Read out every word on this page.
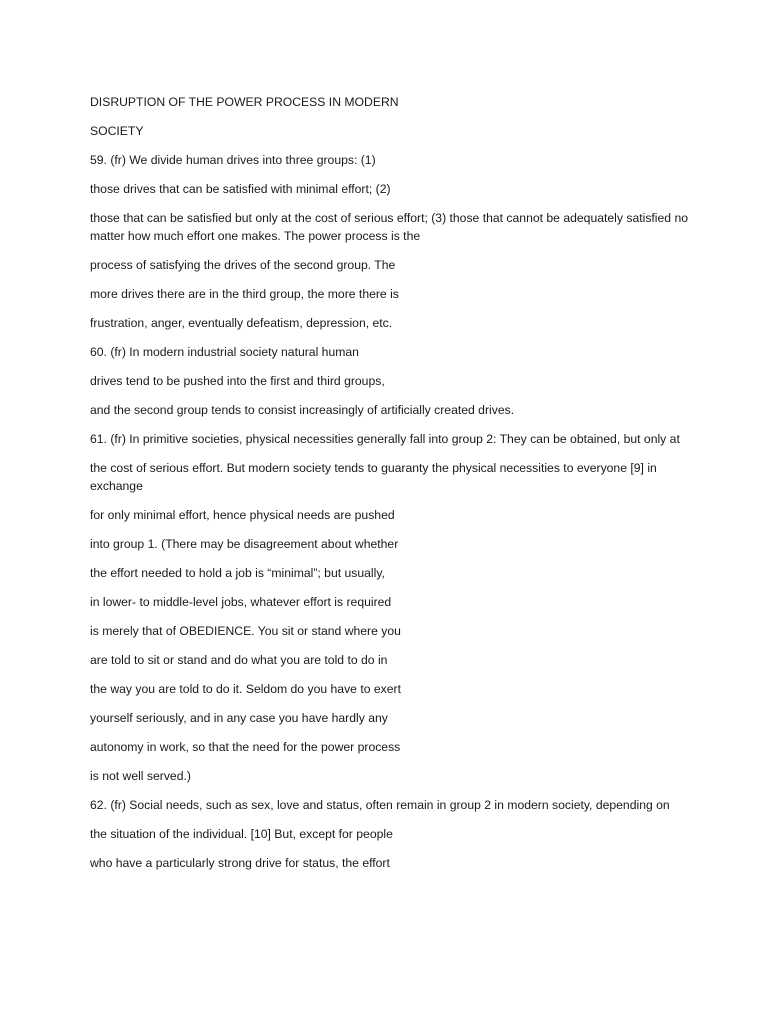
DISRUPTION OF THE POWER PROCESS IN MODERN

SOCIETY

59. (fr) We divide human drives into three groups: (1)

those drives that can be satisfied with minimal effort; (2)

those that can be satisfied but only at the cost of serious effort; (3) those that cannot be adequately satisfied no matter how much effort one makes. The power process is the

process of satisfying the drives of the second group. The

more drives there are in the third group, the more there is

frustration, anger, eventually defeatism, depression, etc.

60. (fr) In modern industrial society natural human

drives tend to be pushed into the first and third groups,

and the second group tends to consist increasingly of artificially created drives.

61. (fr) In primitive societies, physical necessities generally fall into group 2: They can be obtained, but only at

the cost of serious effort. But modern society tends to guaranty the physical necessities to everyone [9] in exchange

for only minimal effort, hence physical needs are pushed

into group 1. (There may be disagreement about whether

the effort needed to hold a job is “minimal”; but usually,

in lower- to middle-level jobs, whatever effort is required

is merely that of OBEDIENCE. You sit or stand where you

are told to sit or stand and do what you are told to do in

the way you are told to do it. Seldom do you have to exert

yourself seriously, and in any case you have hardly any

autonomy in work, so that the need for the power process

is not well served.)

62. (fr) Social needs, such as sex, love and status, often remain in group 2 in modern society, depending on

the situation of the individual. [10] But, except for people

who have a particularly strong drive for status, the effort
